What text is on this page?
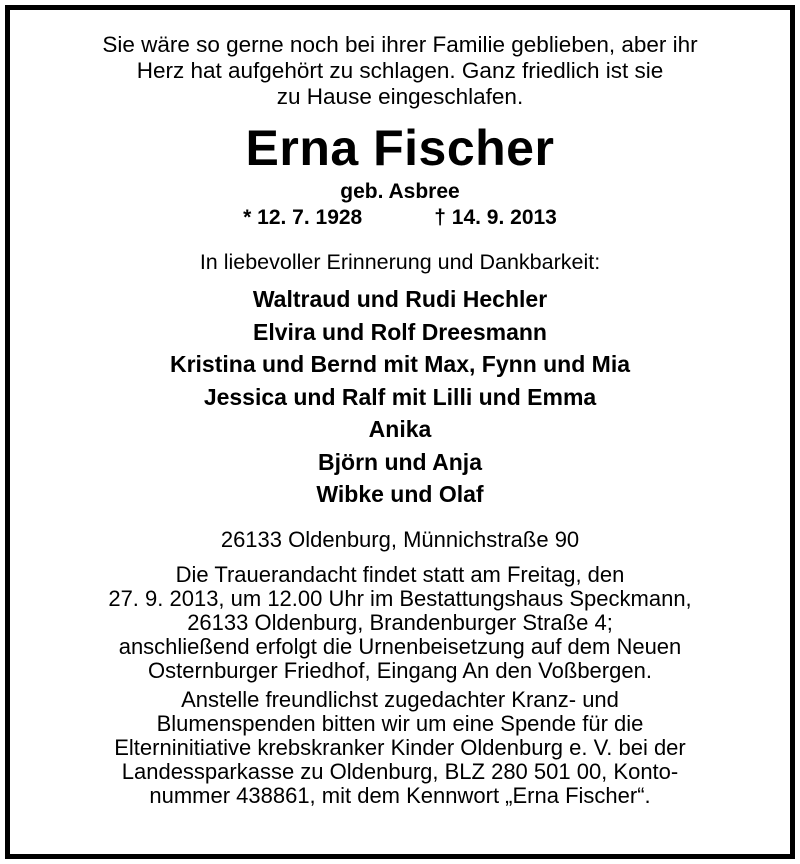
Sie wäre so gerne noch bei ihrer Familie geblieben, aber ihr
Herz hat aufgehört zu schlagen. Ganz friedlich ist sie
zu Hause eingeschlafen.
Erna Fischer
geb. Asbree
* 12. 7. 1928	† 14. 9. 2013
In liebevoller Erinnerung und Dankbarkeit:
Waltraud und Rudi Hechler
Elvira und Rolf Dreesmann
Kristina und Bernd mit Max, Fynn und Mia
Jessica und Ralf mit Lilli und Emma
Anika
Björn und Anja
Wibke und Olaf
26133 Oldenburg, Münnichstraße 90
Die Trauerandacht findet statt am Freitag, den
27. 9. 2013, um 12.00 Uhr im Bestattungshaus Speckmann,
26133 Oldenburg, Brandenburger Straße 4;
anschließend erfolgt die Urnenbeisetzung auf dem Neuen
Osternburger Friedhof, Eingang An den Voßbergen.
Anstelle freundlichst zugedachter Kranz- und
Blumenspenden bitten wir um eine Spende für die
Elterninitiative krebskranker Kinder Oldenburg e. V. bei der
Landessparkasse zu Oldenburg, BLZ 280 501 00, Konto-
nummer 438861, mit dem Kennwort „Erna Fischer“.
